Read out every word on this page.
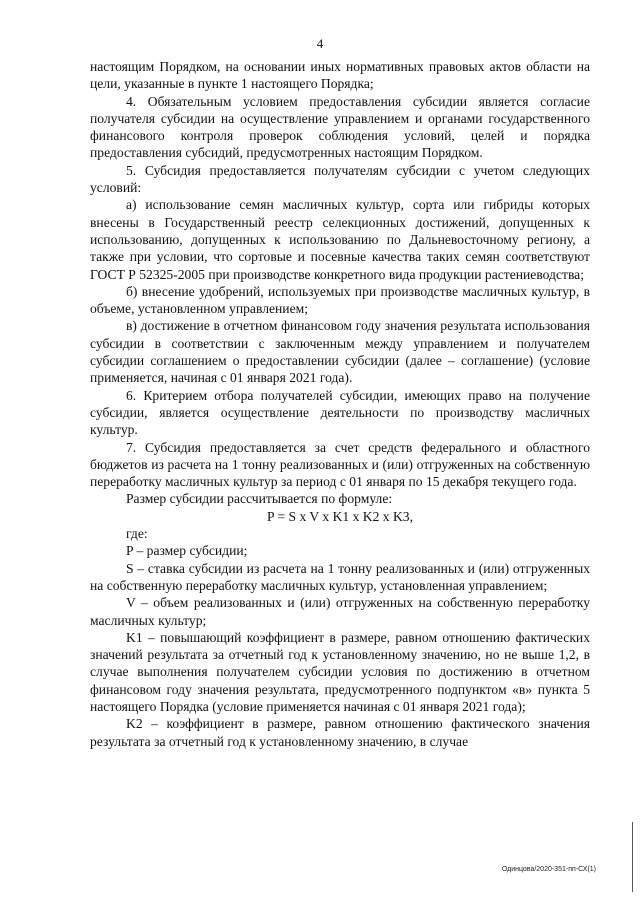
4

настоящим Порядком, на основании иных нормативных правовых актов области на цели, указанные в пункте 1 настоящего Порядка;

4. Обязательным условием предоставления субсидии является согласие получателя субсидии на осуществление управлением и органами государственного финансового контроля проверок соблюдения условий, целей и порядка предоставления субсидий, предусмотренных настоящим Порядком.

5. Субсидия предоставляется получателям субсидии с учетом следующих условий:

а) использование семян масличных культур, сорта или гибриды которых внесены в Государственный реестр селекционных достижений, допущенных к использованию, допущенных к использованию по Дальневосточному региону, а также при условии, что сортовые и посевные качества таких семян соответствуют ГОСТ Р 52325-2005 при производстве конкретного вида продукции растениеводства;

б) внесение удобрений, используемых при производстве масличных культур, в объеме, установленном управлением;

в) достижение в отчетном финансовом году значения результата использования субсидии в соответствии с заключенным между управлением и получателем субсидии соглашением о предоставлении субсидии (далее – соглашение) (условие применяется, начиная с 01 января 2021 года).

6. Критерием отбора получателей субсидии, имеющих право на получение субсидии, является осуществление деятельности по производству масличных культур.

7. Субсидия предоставляется за счет средств федерального и областного бюджетов из расчета на 1 тонну реализованных и (или) отгруженных на собственную переработку масличных культур за период с 01 января по 15 декабря текущего года.

Размер субсидии рассчитывается по формуле:

P = S x V x K1 x K2 x K3,

где:

P – размер субсидии;

S – ставка субсидии из расчета на 1 тонну реализованных и (или) отгруженных на собственную переработку масличных культур, установленная управлением;

V – объем реализованных и (или) отгруженных на собственную переработку масличных культур;

K1 – повышающий коэффициент в размере, равном отношению фактических значений результата за отчетный год к установленному значению, но не выше 1,2, в случае выполнения получателем субсидии условия по достижению в отчетном финансовом году значения результата, предусмотренного подпунктом «в» пункта 5 настоящего Порядка (условие применяется начиная с 01 января 2021 года);

K2 – коэффициент в размере, равном отношению фактического значения результата за отчетный год к установленному значению, в случае

Одинцова/2020-351-пп-СХ(1)
